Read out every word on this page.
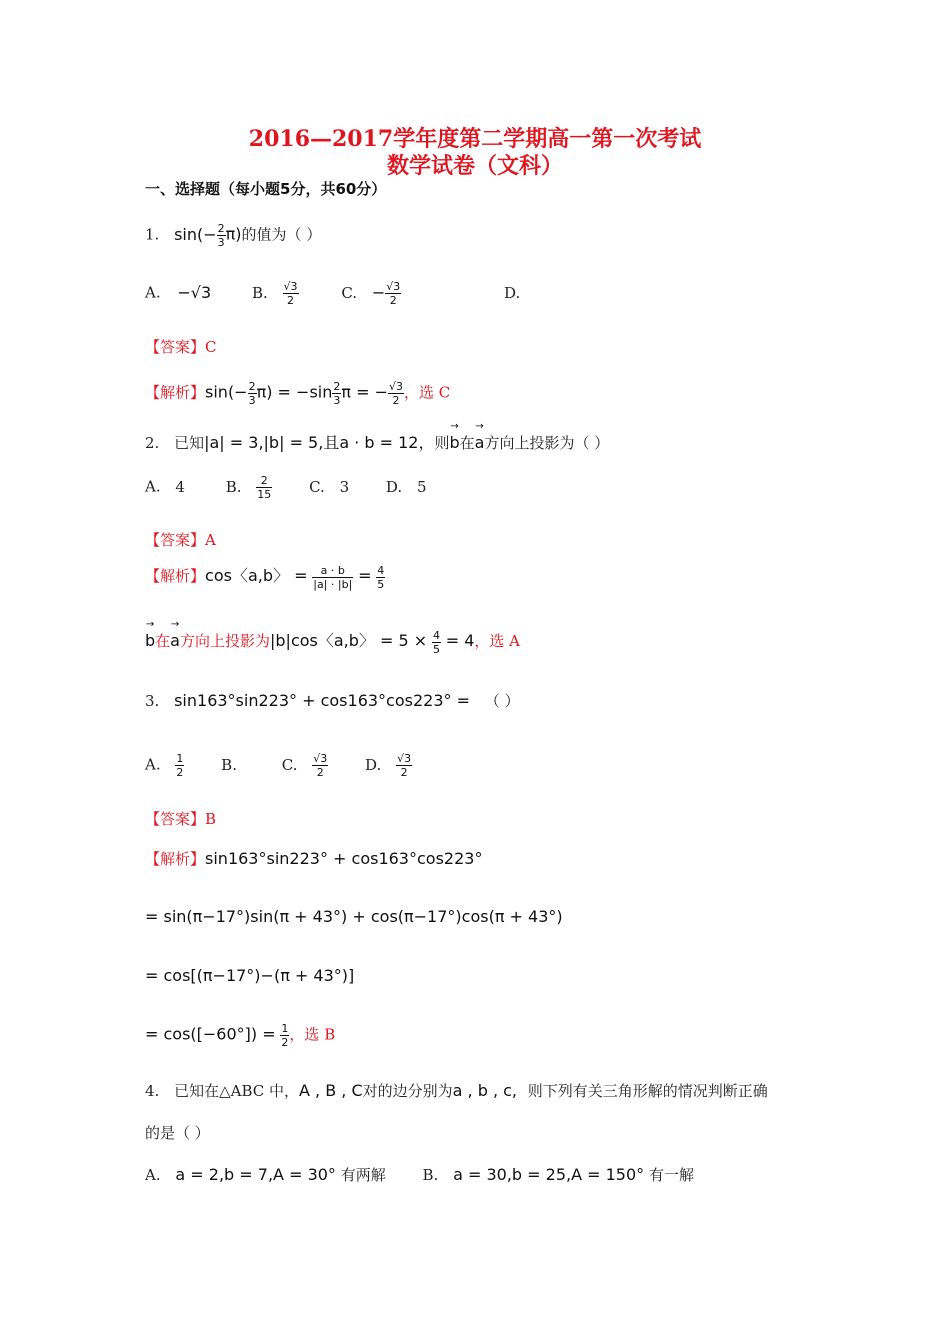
2016—2017学年度第二学期高一第一次考试
数学试卷（文科）
一、选择题（每小题5分，共60分）
1. $\sin(- \frac{2}{3} \pi)$的值为（ ）
A. −√3	B. $\frac{√3}{2}$	C. − $\frac{√3}{2}$	D.
【答案】C
【解析】$\sin(- \frac{2}{3} \pi) = -\sin \frac{2}{3}$ π = − $\frac{√3}{2}$ ，选 C
2. 已知|a| = 3,|b| = 5,且a · b = 12，则→ b在→ a方向上投影为（ ）
A. 4	B. $\frac{2}{15} C$. 3 D. 5
【答案】A
【解析】cos〈a,b〉 = $\frac{a \cdot b}{|a| \cdot |b|} = \frac{4}{5}$
→ b在→ a方向上投影为|b|cos〈a,b〉 = $5 \times \frac{4}{5} = 4$，选 A
3. sin163°sin223° + cos163°cos223° = （ ）
A. $\frac{1}{2} B$.	C. $\frac{√3}{2} D$. $\frac{√3}{2}$
【答案】B
【解析】sin163°sin223° + cos163°cos223°
= sin(π−17°)sin(π + 43°) + cos(π−17°)cos(π + 43°)
= cos[(π−17°)−(π + 43°)]
= $\cos([-60^\circ]) = \frac{1}{2}$ ，选 B
4. 已知在△ABC 中，A , B , C对的边分别为a , b , c, 则下列有关三角形解的情况判断正确
的是（ ）
A. a = 2,b = 7,A = 30° 有两解 B. a = 30,b = 25,A = 150° 有一解
